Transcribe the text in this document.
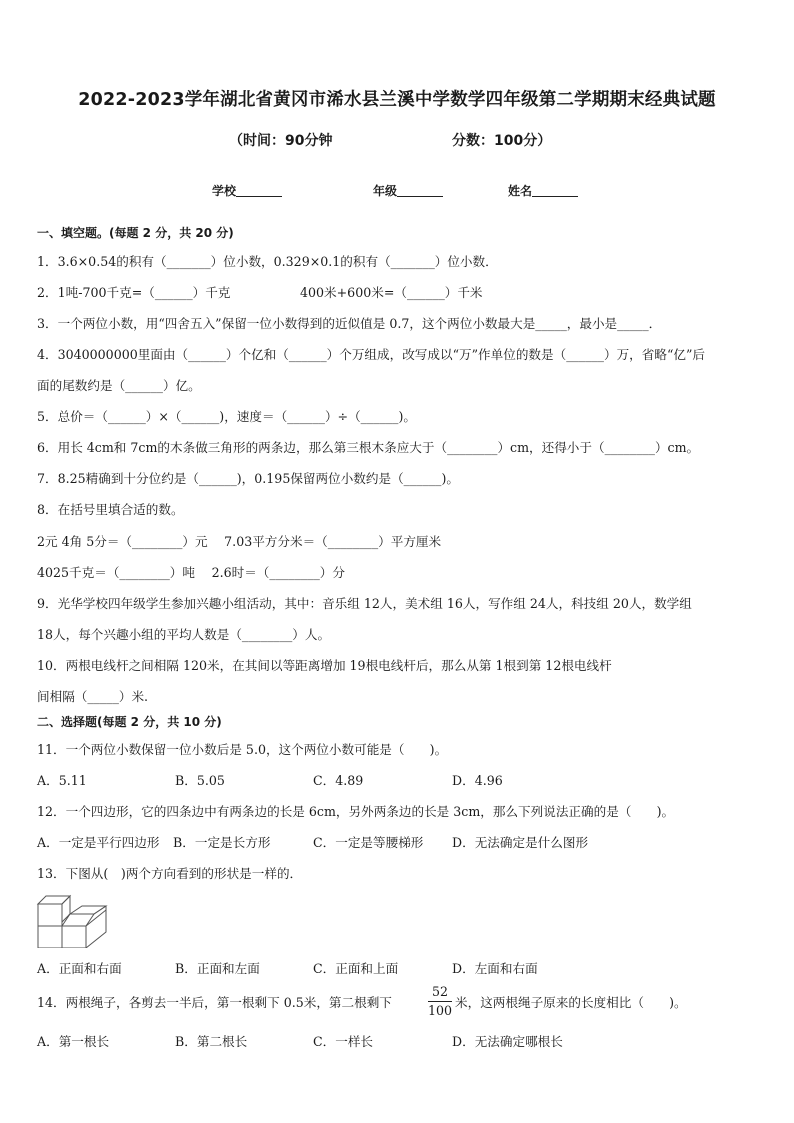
2022-2023学年湖北省黄冈市浠水县兰溪中学数学四年级第二学期期末经典试题
（时间：90分钟	分数：100分）
学校	年级	姓名
一、填空题。(每题 2 分，共 20 分)
1．3.6×0.54的积有（_______）位小数，0.329×0.1的积有（_______）位小数．
2．1吨-700千克=（______）千克	400米+600米=（______）千米
3．一个两位小数，用“四舍五入”保留一位小数得到的近似值是 0.7，这个两位小数最大是_____，最小是_____．
4．3040000000里面由（______）个亿和（______）个万组成，改写成以“万”作单位的数是（______）万，省略“亿”后
面的尾数约是（______）亿。
5．总价＝（______）×（______)，速度＝（______）÷（______)。
6．用长 4cm和 7cm的木条做三角形的两条边，那么第三根木条应大于（________）cm，还得小于（________）cm。
7．8.25精确到十分位约是（______)，0.195保留两位小数约是（______)。
8．在括号里填合适的数。
2元 4角 5分＝（________）元　 7.03平方分米＝（________）平方厘米
4025千克＝（________）吨　 2.6时＝（________）分
9．光华学校四年级学生参加兴趣小组活动，其中：音乐组 12人，美术组 16人，写作组 24人，科技组 20人，数学组
18人，每个兴趣小组的平均人数是（________）人。
10．两根电线杆之间相隔 120米，在其间以等距离增加 19根电线杆后，那么从第 1根到第 12根电线杆
间相隔（_____）米.
二、选择题(每题 2 分，共 10 分)
11．一个两位小数保留一位小数后是 5.0，这个两位小数可能是（　　)。
A．5.11	B．5.05	C．4.89	D．4.96
12．一个四边形，它的四条边中有两条边的长是 6cm，另外两条边的长是 3cm，那么下列说法正确的是（　　)。
A．一定是平行四边形 B．一定是长方形	C．一定是等腰梯形 D．无法确定是什么图形
13．下图从(　)两个方向看到的形状是一样的．
A．正面和右面	B．正面和左面	C．正面和上面	D．左面和右面
14．两根绳子，各剪去一半后，第一根剩下 0.5米，第二根剩下
52
100
米，这两根绳子原来的长度相比（　　)。
A．第一根长	B．第二根长	C．一样长	D．无法确定哪根长
